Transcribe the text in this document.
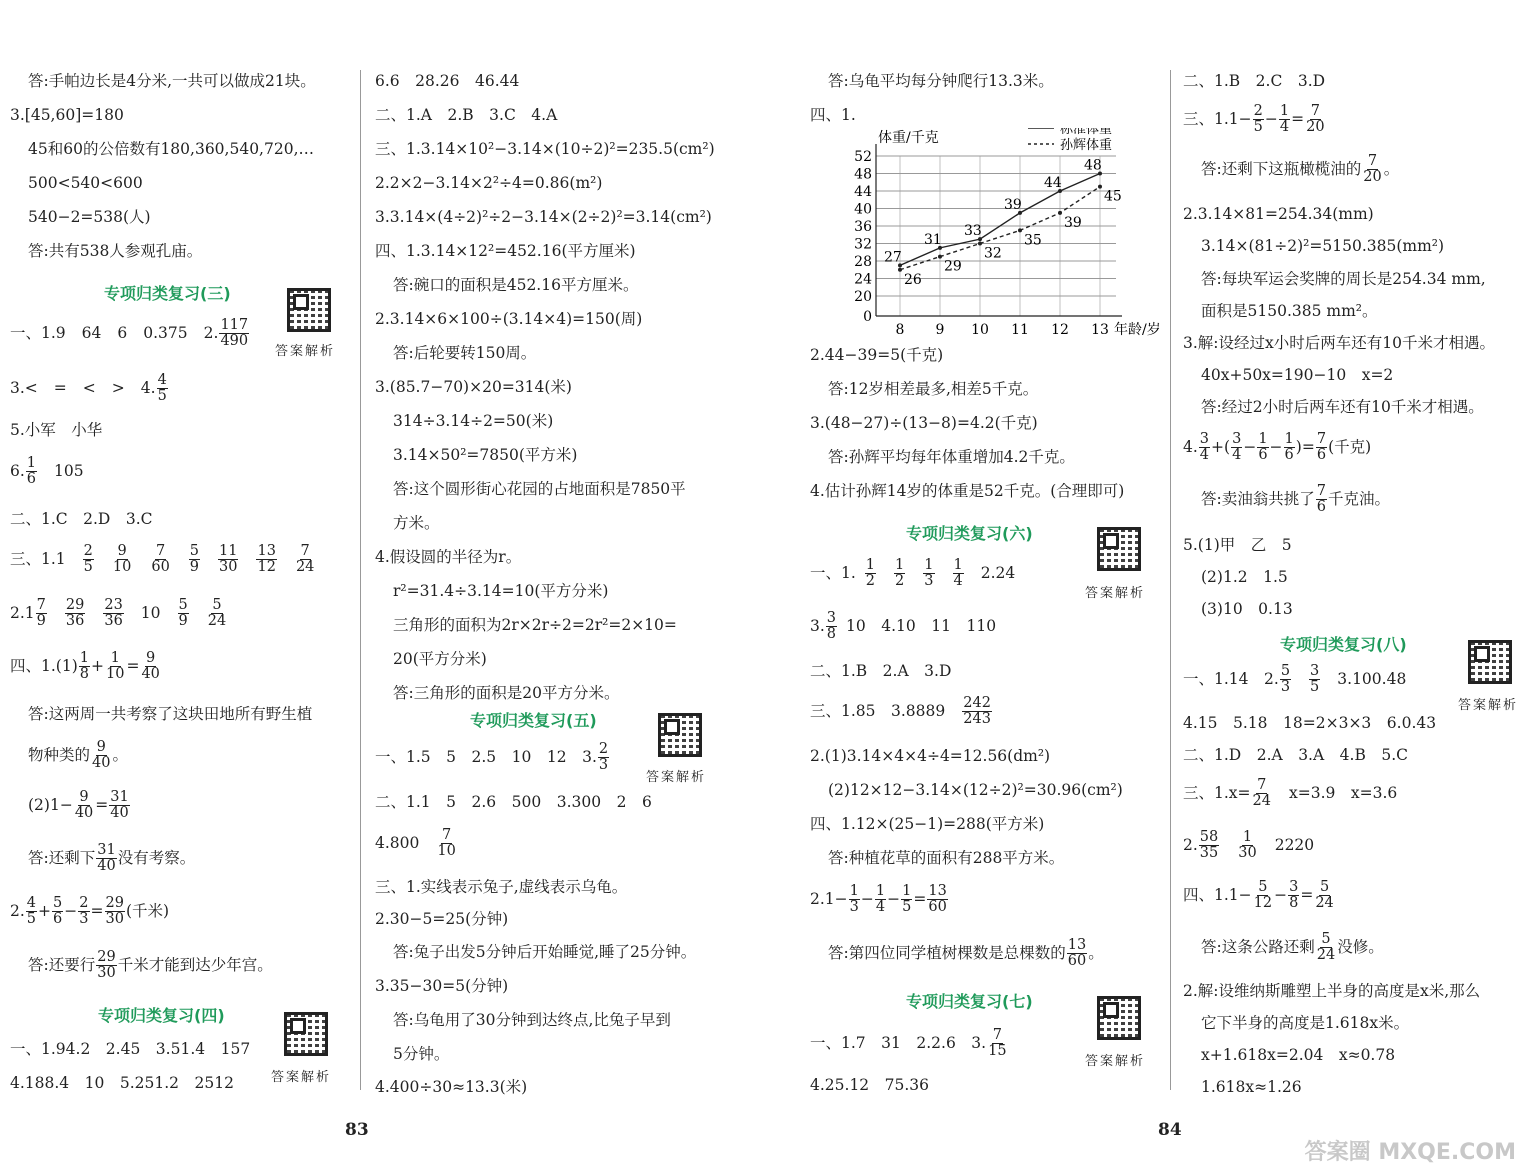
答:手帕边长是4分米,一共可以做成21块。
3.[45,60]=180
45和60的公倍数有180,360,540,720,…
500<540<600
540−2=538(人)
答:共有538人参观孔庙。
专项归类复习(三)
答案解析
一、1.9 64 6 0.375 2. $\frac{117}{490}$
3.< = < > 4. $\frac{4}{5}$
5.小军　小华
6. $\frac{1}{6} 105$
二、1.C　2.D　3.C
三、$1.1 \frac{2}{5} \frac{9}{10} \frac{7}{60} \frac{5}{9} \frac{11}{30} \frac{13}{12} \frac{7}{24}$
$2.1 \frac{7}{9} \frac{29}{36} \frac{23}{36} 10 \frac{5}{9} \frac{5}{24}$
四、$1.(1) \frac{1}{8} + \frac{1}{10} = \frac{9}{40}$
答:这两周一共考察了这块田地所有野生植
物种类的 $\frac{9}{40}$ 。
$(2)1- \frac{9}{40} = \frac{31}{40}$
答:还剩下 $\frac{31}{40}$ 没有考察。
2. $\frac{4}{5} + \frac{5}{6} - \frac{2}{3} = \frac{29}{30}$ (千米)
答:还要行 $\frac{29}{30}$ 千米才能到达少年宫。
专项归类复习(四)
答案解析
一、1.94.2　2.45　3.51.4　157
4.188.4　10　5.251.2　2512
6.6　28.26　46.44
二、1.A　2.B　3.C　4.A
三、1.3.14×10²−3.14×(10÷2)²=235.5(cm²)
2.2×2−3.14×2²÷4=0.86(m²)
3.3.14×(4÷2)²÷2−3.14×(2÷2)²=3.14(cm²)
四、1.3.14×12²=452.16(平方厘米)
答:碗口的面积是452.16平方厘米。
2.3.14×6×100÷(3.14×4)=150(周)
答:后轮要转150周。
3.(85.7−70)×20=314(米)
314÷3.14÷2=50(米)
3.14×50²=7850(平方米)
答:这个圆形街心花园的占地面积是7850平
方米。
4.假设圆的半径为r。
r²=31.4÷3.14=10(平方分米)
三角形的面积为2r×2r÷2=2r²=2×10=
20(平方分米)
答:三角形的面积是20平方分米。
专项归类复习(五)
答案解析
一、1.5　5　2.5　10　12　3. $\frac{2}{3}$
二、1.1　5　2.6　500　3.300　2　6
$4.800 \frac{7}{10}$
三、1.实线表示兔子,虚线表示乌龟。
2.30−5=25(分钟)
答:兔子出发5分钟后开始睡觉,睡了25分钟。
3.35−30=5(分钟)
答:乌龟用了30分钟到达终点,比兔子早到
5分钟。
4.400÷30≈13.3(米)
83
答:乌龟平均每分钟爬行13.3米。
四、1.
0
20
24
28
32
36
40
44
48
52
8 9 10 11 12 13 年龄/岁
体重/千克
27
31
33
39
44
48
26
29
32
35
39
45
标准体重
孙辉体重
2.44−39=5(千克)
答:12岁相差最多,相差5千克。
3.(48−27)÷(13−8)=4.2(千克)
答:孙辉平均每年体重增加4.2千克。
4.估计孙辉14岁的体重是52千克。(合理即可)
专项归类复习(六)
答案解析
一、1. $\frac{1}{2} \frac{1}{2} \frac{1}{3} \frac{1}{4} 2.24$
3. $\frac{3}{8} 10$　4.10　11　110
二、1.B　2.A　3.D
三、1.85　$3.8889 \frac{242}{243}$
2.(1)3.14×4×4÷4=12.56(dm²)
(2)12×12−3.14×(12÷2)²=30.96(cm²)
四、1.12×(25−1)=288(平方米)
答:种植花草的面积有288平方米。
$2.1- \frac{1}{3} - \frac{1}{4} - \frac{1}{5} = \frac{13}{60}$
答:第四位同学植树棵数是总棵数的 $\frac{13}{60}$ 。
专项归类复习(七)
答案解析
一、1.7　31　2.2.6　3. $\frac{7}{15}$
4.25.12　75.36
84
二、1.B　2.C　3.D
三、$1.1- \frac{2}{5} - \frac{1}{4} = \frac{7}{20}$
答:还剩下这瓶橄榄油的 $\frac{7}{20}$ 。
2.3.14×81=254.34(mm)
3.14×(81÷2)²=5150.385(mm²)
答:每块军运会奖牌的周长是254.34 mm,
面积是5150.385 mm²。
3.解:设经过x小时后两车还有10千米才相遇。
40x+50x=190−10　x=2
答:经过2小时后两车还有10千米才相遇。
4. $\frac{3}{4}$ +( $\frac{3}{4} - \frac{1}{6} - \frac{1}{6}$ )= $\frac{7}{6}$ (千克)
答:卖油翁共挑了 $\frac{7}{6}$ 千克油。
5.(1)甲　乙　5
(2)1.2　1.5
(3)10　0.13
专项归类复习(八)
答案解析
一、1.14　2. $\frac{5}{3} \frac{3}{5} 3.100.48$
4.15　5.18　18=2×3×3　6.0.43
二、1.D　2.A　3.A　4.B　5.C
三、$1.x= \frac{7}{24} x=3.9$　x=3.6
2. $\frac{58}{35} \frac{1}{30} 2220$
四、$1.1- \frac{5}{12} - \frac{3}{8} = \frac{5}{24}$
答:这条公路还剩 $\frac{5}{24}$ 没修。
2.解:设维纳斯雕塑上半身的高度是x米,那么
它下半身的高度是1.618x米。
x+1.618x=2.04　x≈0.78
1.618x≈1.26
答案圈 MXQE.COM
